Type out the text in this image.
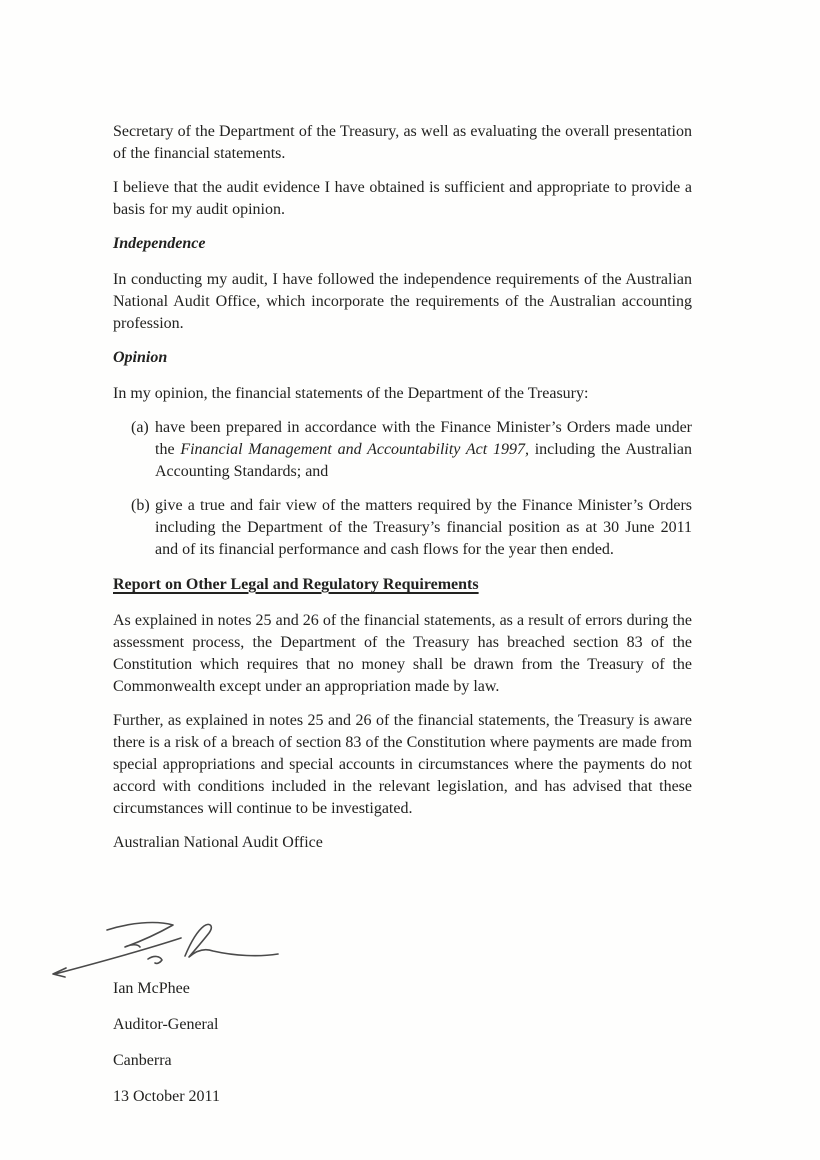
Secretary of the Department of the Treasury, as well as evaluating the overall presentation of the financial statements.

I believe that the audit evidence I have obtained is sufficient and appropriate to provide a basis for my audit opinion.

Independence

In conducting my audit, I have followed the independence requirements of the Australian National Audit Office, which incorporate the requirements of the Australian accounting profession.

Opinion

In my opinion, the financial statements of the Department of the Treasury:

(a) have been prepared in accordance with the Finance Minister’s Orders made under the Financial Management and Accountability Act 1997, including the Australian Accounting Standards; and
(b) give a true and fair view of the matters required by the Finance Minister’s Orders including the Department of the Treasury’s financial position as at 30 June 2011 and of its financial performance and cash flows for the year then ended.

Report on Other Legal and Regulatory Requirements

As explained in notes 25 and 26 of the financial statements, as a result of errors during the assessment process, the Department of the Treasury has breached section 83 of the Constitution which requires that no money shall be drawn from the Treasury of the Commonwealth except under an appropriation made by law.

Further, as explained in notes 25 and 26 of the financial statements, the Treasury is aware there is a risk of a breach of section 83 of the Constitution where payments are made from special appropriations and special accounts in circumstances where the payments do not accord with conditions included in the relevant legislation, and has advised that these circumstances will continue to be investigated.

Australian National Audit Office

Ian McPhee

Auditor-General

Canberra

13 October 2011
